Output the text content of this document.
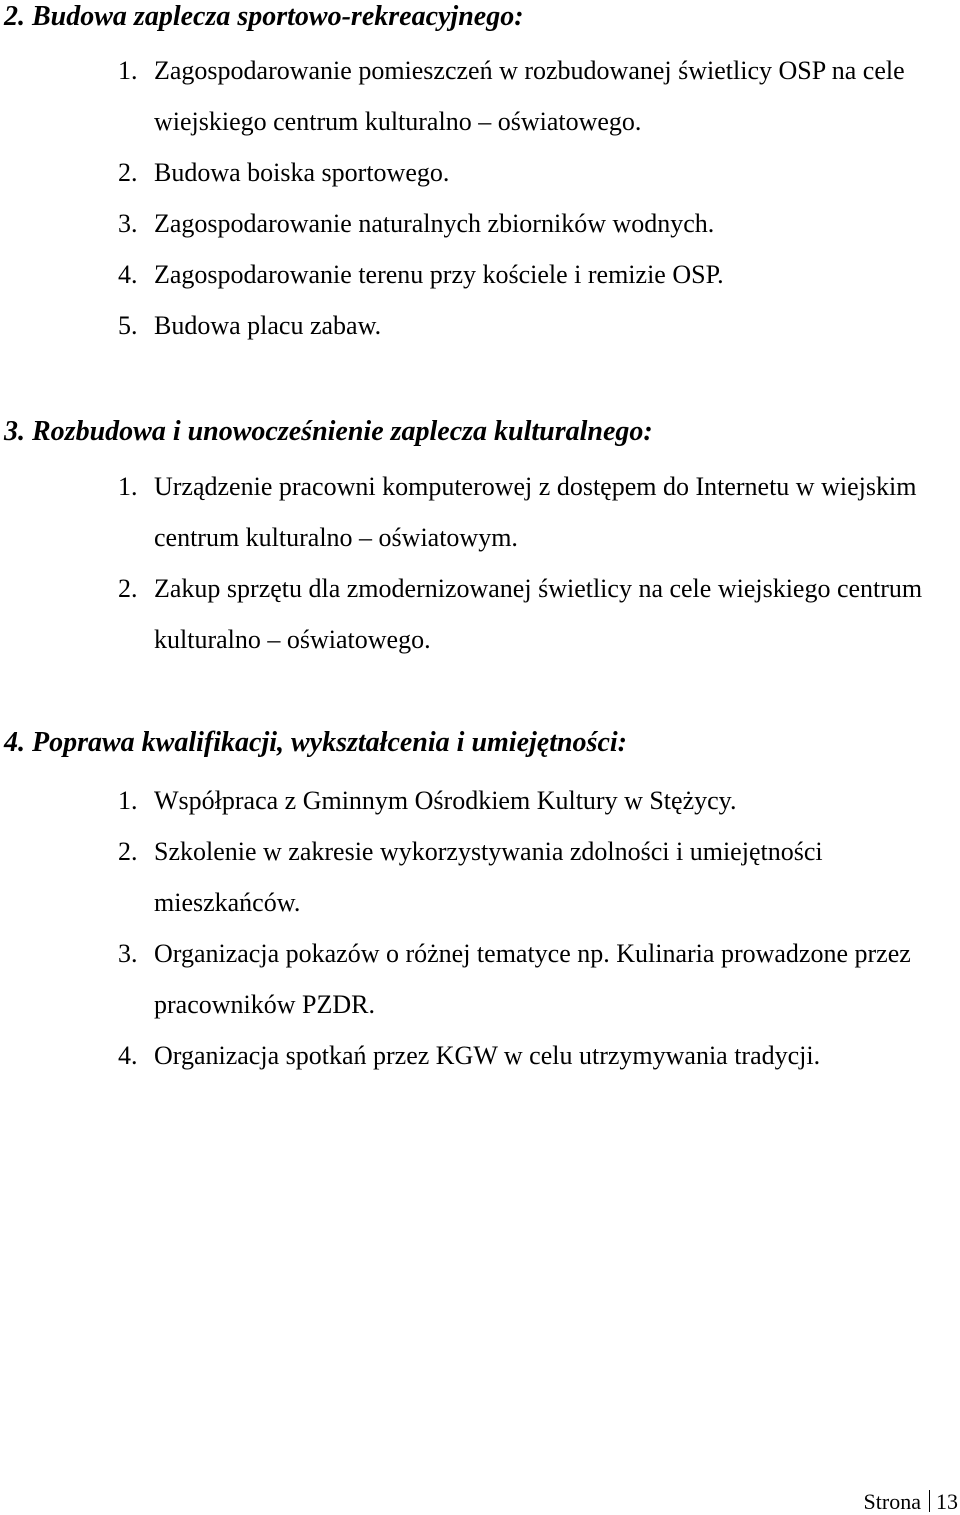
2. Budowa zaplecza sportowo-rekreacyjnego:
1. Zagospodarowanie pomieszczeń w rozbudowanej świetlicy OSP na cele wiejskiego centrum kulturalno – oświatowego.
2. Budowa boiska sportowego.
3. Zagospodarowanie naturalnych zbiorników wodnych.
4. Zagospodarowanie terenu przy kościele i remizie OSP.
5. Budowa placu zabaw.
3. Rozbudowa i unowocześnienie zaplecza kulturalnego:
1. Urządzenie pracowni komputerowej z dostępem do Internetu w wiejskim centrum kulturalno – oświatowym.
2. Zakup sprzętu dla zmodernizowanej świetlicy na cele wiejskiego centrum kulturalno – oświatowego.
4. Poprawa kwalifikacji, wykształcenia i umiejętności:
1. Współpraca z Gminnym Ośrodkiem Kultury w Stężycy.
2. Szkolenie w zakresie wykorzystywania zdolności i umiejętności mieszkańców.
3. Organizacja pokazów o różnej tematyce np. Kulinaria prowadzone przez pracowników PZDR.
4. Organizacja spotkań przez KGW w celu utrzymywania tradycji.
Strona 13
